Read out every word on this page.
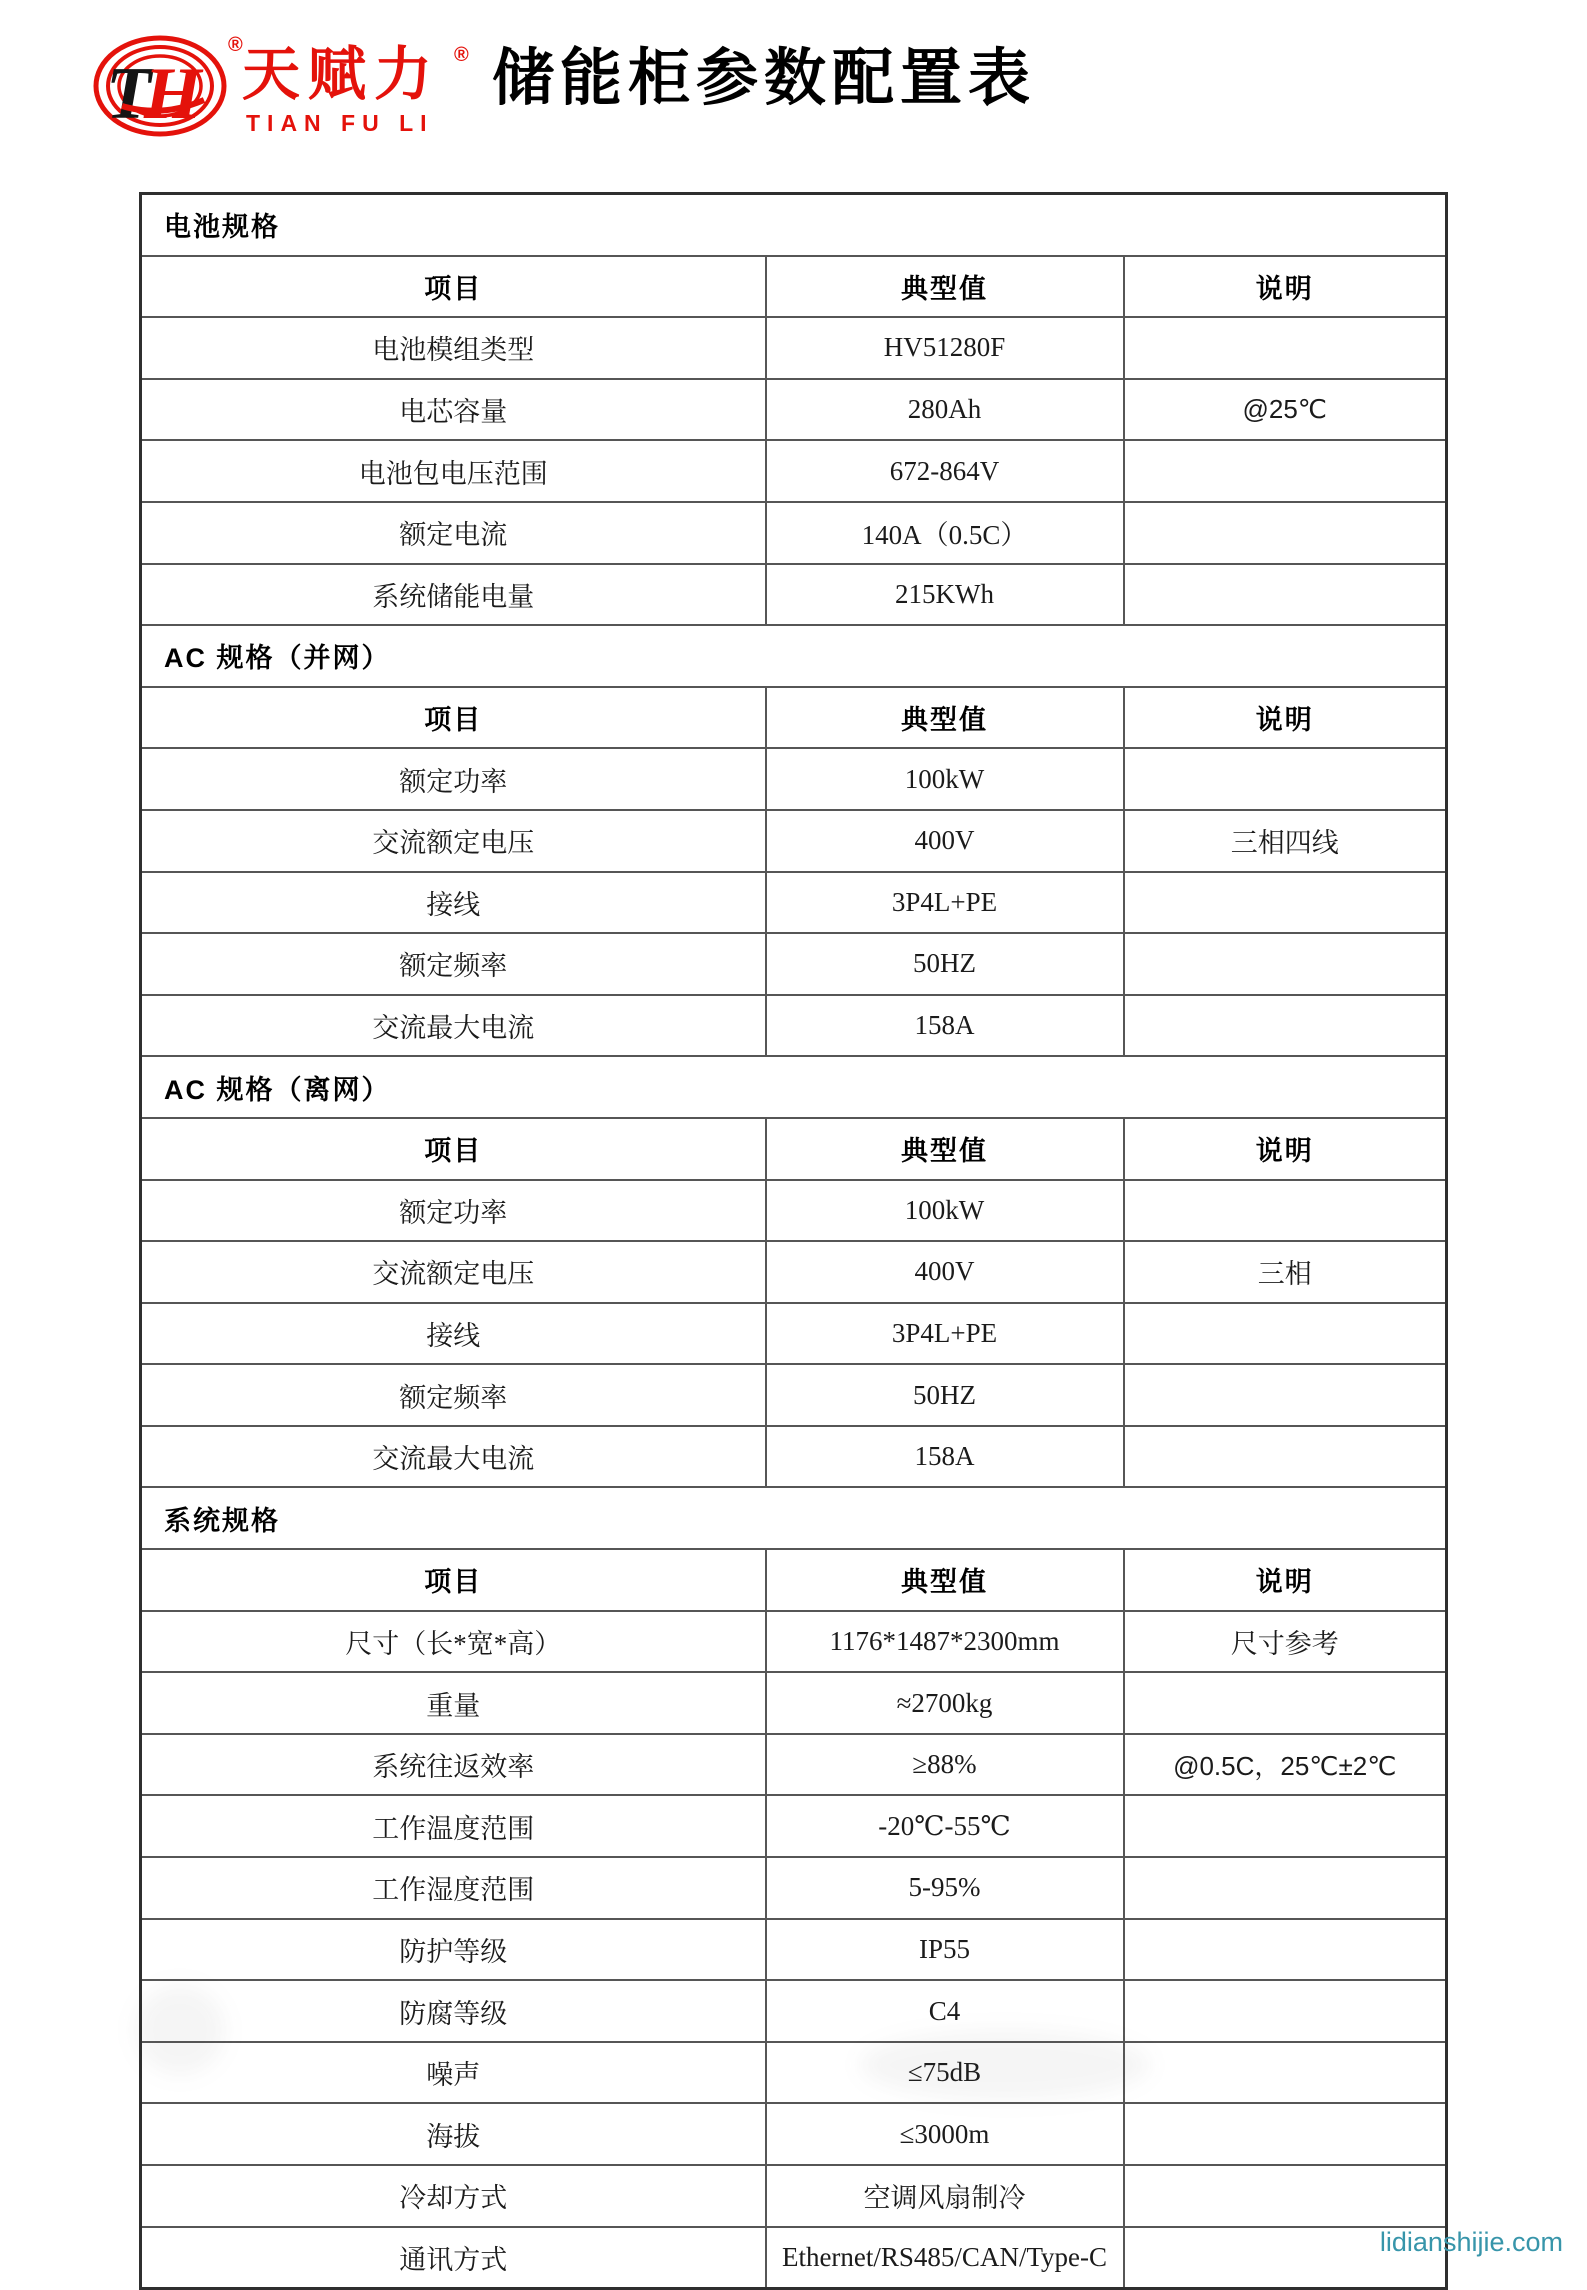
T
H
® 天赋力 ®
TIAN FU LI
储能柜参数配置表
电池规格		
项目	典型值	说明
电池模组类型	HV51280F	
电芯容量	280Ah	@25℃
电池包电压范围	672-864V	
额定电流	140A（0.5C）	
系统储能电量	215KWh	
AC 规格（并网）		
项目	典型值	说明
额定功率	100kW	
交流额定电压	400V	三相四线
接线	3P4L+PE	
额定频率	50HZ	
交流最大电流	158A	
AC 规格（离网）		
项目	典型值	说明
额定功率	100kW	
交流额定电压	400V	三相
接线	3P4L+PE	
额定频率	50HZ	
交流最大电流	158A	
系统规格		
项目	典型值	说明
尺寸（长*宽*高）	1176*1487*2300mm	尺寸参考
重量	≈2700kg	
系统往返效率	≥88%	@0.5C，25℃±2℃
工作温度范围	-20℃-55℃	
工作湿度范围	5-95%	
防护等级	IP55	
防腐等级	C4	
噪声	≤75dB	
海拔	≤3000m	
冷却方式	空调风扇制冷	
通讯方式	Ethernet/RS485/CAN/Type-C		lidianshijie.com
